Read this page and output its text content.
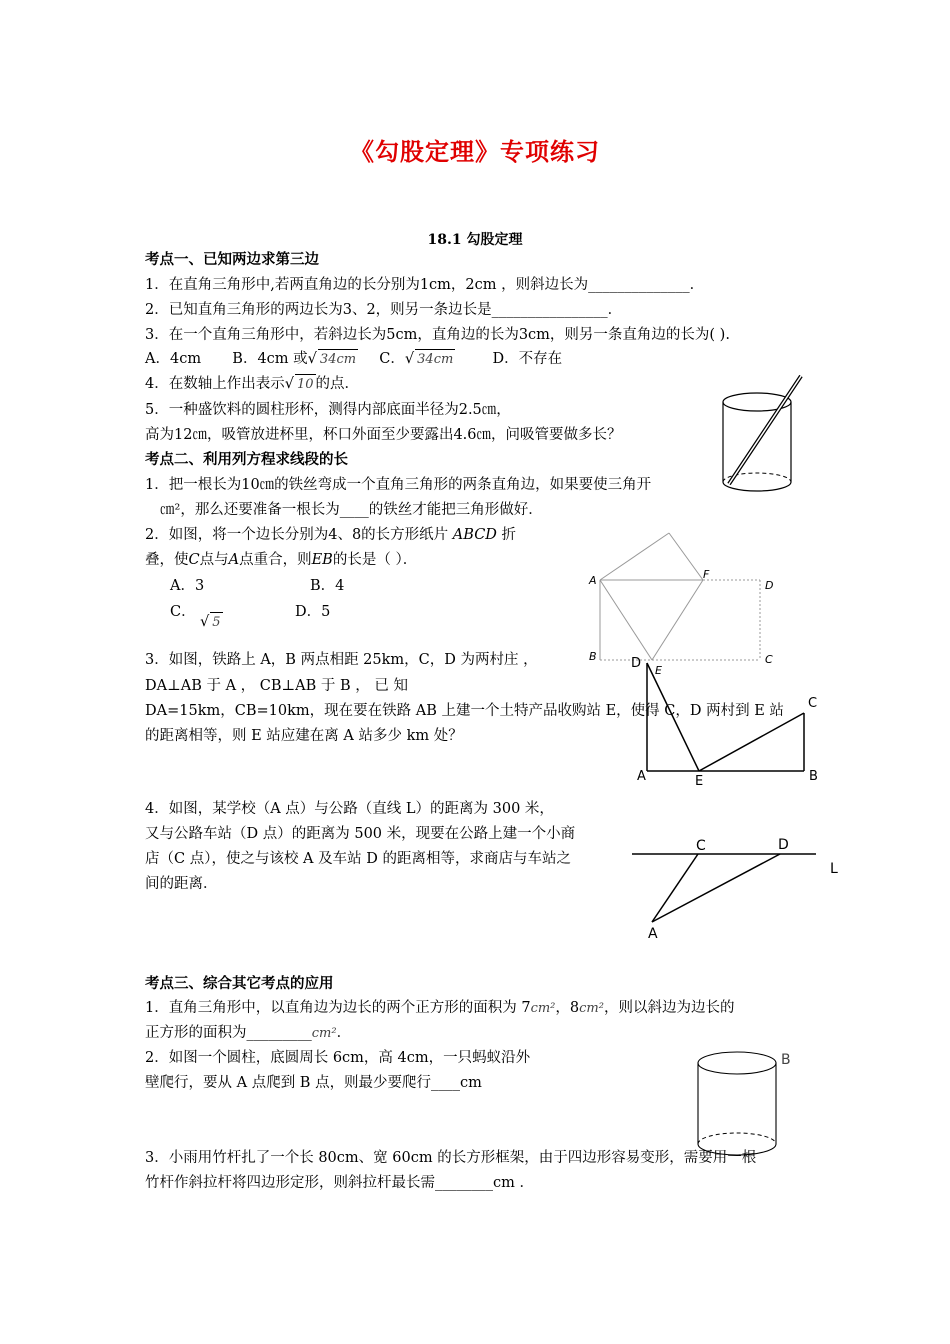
《勾股定理》专项练习
18.1 勾股定理
考点一、已知两边求第三边
1．在直角三角形中,若两直角边的长分别为1cm，2cm ，则斜边长为______________．
2．已知直角三角形的两边长为3、2，则另一条边长是________________．
3．在一个直角三角形中，若斜边长为5cm，直角边的长为3cm，则另一条直角边的长为( ).
A．4cm B．4cm 或√ 34cm C．√ 34cm	D．不存在
4．在数轴上作出表示√ 10 的点．
5．一种盛饮料的圆柱形杯，测得内部底面半径为2.5㎝，
高为12㎝，吸管放进杯里，杯口外面至少要露出4.6㎝，问吸管要做多长？
考点二、利用列方程求线段的长
1．把一根长为10㎝的铁丝弯成一个直角三角形的两条直角边，如果要使三角开
㎝²，那么还要准备一根长为____的铁丝才能把三角形做好．
2．如图，将一个边长分别为4、8的长方形纸片 ABCD 折
叠，使C点与A点重合，则EB的长是（ ）．
A．3	B．4
C．
√ 5
D．5
3．如图，铁路上 A，B 两点相距 25km，C，D 为两村庄 ，
DA⊥AB 于 A ， CB⊥AB 于 B ， 已 知
DA=15km，CB=10km，现在要在铁路 AB 上建一个土特产品收购站 E，使得 C，D 两村到 E 站
的距离相等，则 E 站应建在离 A 站多少 km 处？
4．如图，某学校（A 点）与公路（直线 L）的距离为 300 米，
又与公路车站（D 点）的距离为 500 米，现要在公路上建一个小商
店（C 点），使之与该校 A 及车站 D 的距离相等，求商店与车站之
间的距离．
考点三、综合其它考点的应用
1．直角三角形中，以直角边为边长的两个正方形的面积为 7cm²，8cm²，则以斜边为边长的
正方形的面积为_________cm²．
2．如图一个圆柱，底圆周长 6cm，高 4cm，一只蚂蚁沿外
壁爬行，要从 A 点爬到 B 点，则最少要爬行____cm
3．小雨用竹杆扎了一个长 80cm、宽 60cm 的长方形框架，由于四边形容易变形，需要用一根
竹杆作斜拉杆将四边形定形，则斜拉杆最长需________cm ．
A
B	C
D
E
F
D
C
A	E	B
C	D
L
A
B
